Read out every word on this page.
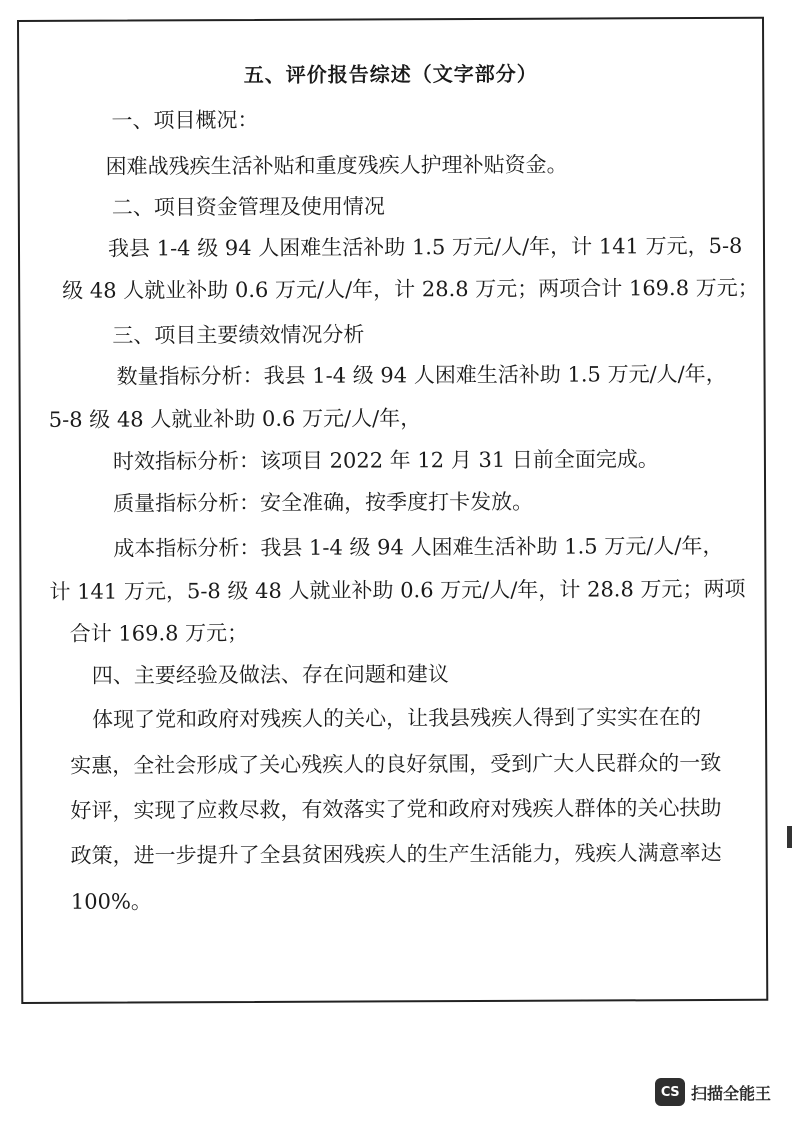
五、评价报告综述（文字部分）
一、项目概况：
困难战残疾生活补贴和重度残疾人护理补贴资金。
二、项目资金管理及使用情况
我县 1-4 级 94 人困难生活补助 1.5 万元/人/年，计 141 万元，5-8
级 48 人就业补助 0.6 万元/人/年，计 28.8 万元；两项合计 169.8 万元；
三、项目主要绩效情况分析
数量指标分析：我县 1-4 级 94 人困难生活补助 1.5 万元/人/年，
5-8 级 48 人就业补助 0.6 万元/人/年，
时效指标分析：该项目 2022 年 12 月 31 日前全面完成。
质量指标分析：安全准确，按季度打卡发放。
成本指标分析：我县 1-4 级 94 人困难生活补助 1.5 万元/人/年，
计 141 万元，5-8 级 48 人就业补助 0.6 万元/人/年，计 28.8 万元；两项
合计 169.8 万元；
四、主要经验及做法、存在问题和建议
体现了党和政府对残疾人的关心，让我县残疾人得到了实实在在的
实惠，全社会形成了关心残疾人的良好氛围，受到广大人民群众的一致
好评，实现了应救尽救，有效落实了党和政府对残疾人群体的关心扶助
政策，进一步提升了全县贫困残疾人的生产生活能力，残疾人满意率达
100%。
CS 扫描全能王
